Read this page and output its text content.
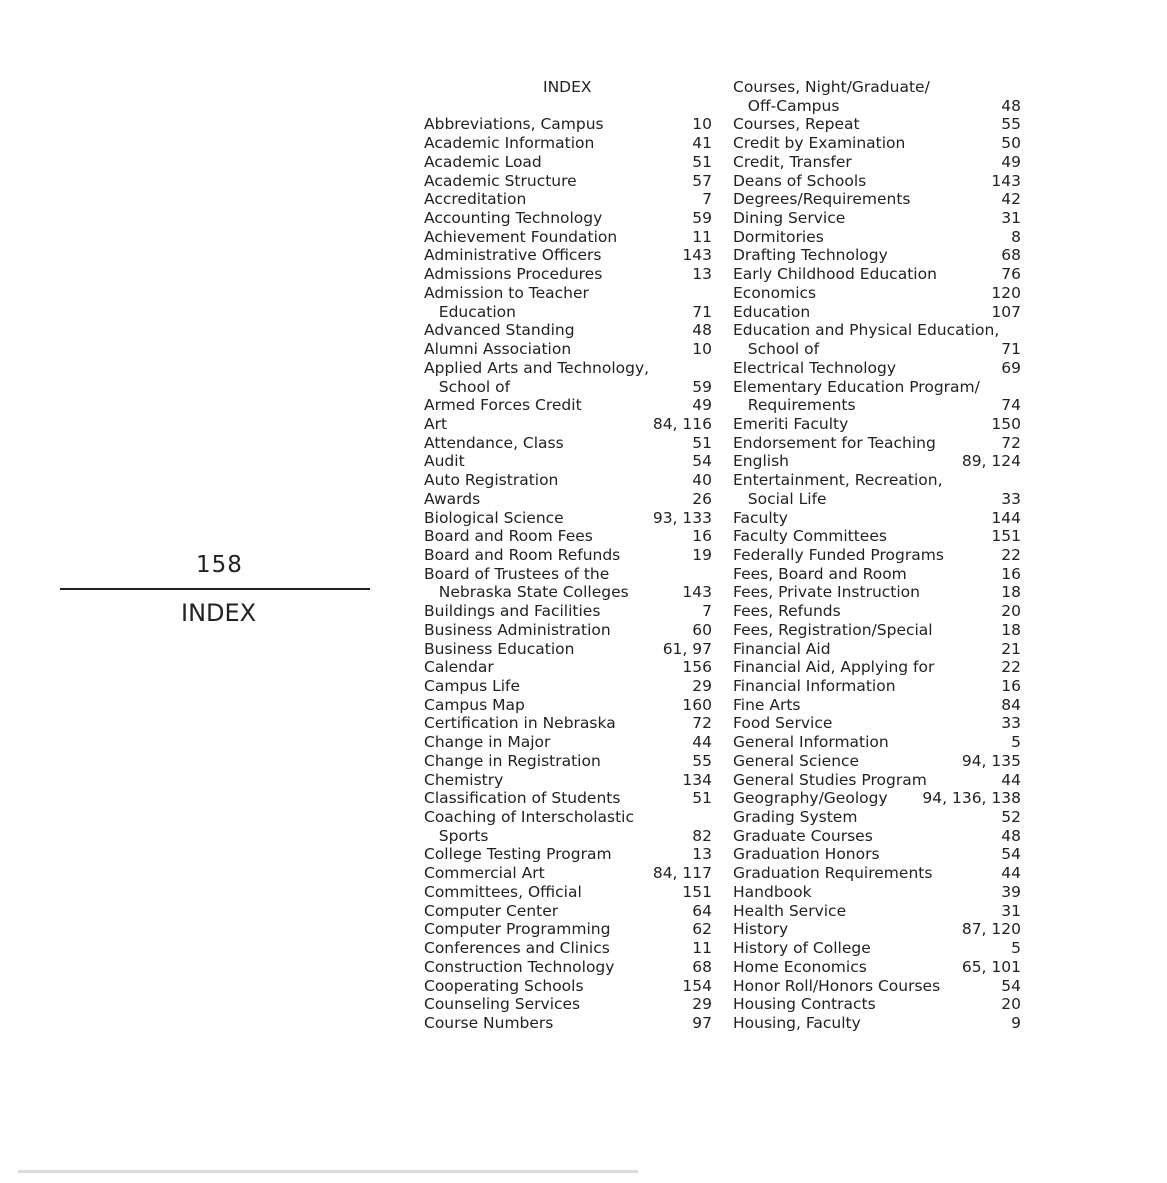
158
INDEX
INDEX
Abbreviations, Campus	10
Academic Information	41
Academic Load	51
Academic Structure	57
Accreditation	7
Accounting Technology	59
Achievement Foundation	11
Administrative Officers	143
Admissions Procedures	13
Admission to Teacher
Education	71
Advanced Standing	48
Alumni Association	10
Applied Arts and Technology,
School of	59
Armed Forces Credit	49
Art	84, 116
Attendance, Class	51
Audit	54
Auto Registration	40
Awards	26
Biological Science	93, 133
Board and Room Fees	16
Board and Room Refunds	19
Board of Trustees of the
Nebraska State Colleges	143
Buildings and Facilities	7
Business Administration	60
Business Education	61, 97
Calendar	156
Campus Life	29
Campus Map	160
Certification in Nebraska	72
Change in Major	44
Change in Registration	55
Chemistry	134
Classification of Students	51
Coaching of Interscholastic
Sports	82
College Testing Program	13
Commercial Art	84, 117
Committees, Official	151
Computer Center	64
Computer Programming	62
Conferences and Clinics	11
Construction Technology	68
Cooperating Schools	154
Counseling Services	29
Course Numbers	97
Courses, Night/Graduate/
Off-Campus	48
Courses, Repeat	55
Credit by Examination	50
Credit, Transfer	49
Deans of Schools	143
Degrees/Requirements	42
Dining Service	31
Dormitories	8
Drafting Technology	68
Early Childhood Education	76
Economics	120
Education	107
Education and Physical Education,
School of	71
Electrical Technology	69
Elementary Education Program/
Requirements	74
Emeriti Faculty	150
Endorsement for Teaching	72
English	89, 124
Entertainment, Recreation,
Social Life	33
Faculty	144
Faculty Committees	151
Federally Funded Programs	22
Fees, Board and Room	16
Fees, Private Instruction	18
Fees, Refunds	20
Fees, Registration/Special	18
Financial Aid	21
Financial Aid, Applying for	22
Financial Information	16
Fine Arts	84
Food Service	33
General Information	5
General Science	94, 135
General Studies Program	44
Geography/Geology 94, 136, 138
Grading System	52
Graduate Courses	48
Graduation Honors	54
Graduation Requirements	44
Handbook	39
Health Service	31
History	87, 120
History of College	5
Home Economics	65, 101
Honor Roll/Honors Courses	54
Housing Contracts	20
Housing, Faculty	9
